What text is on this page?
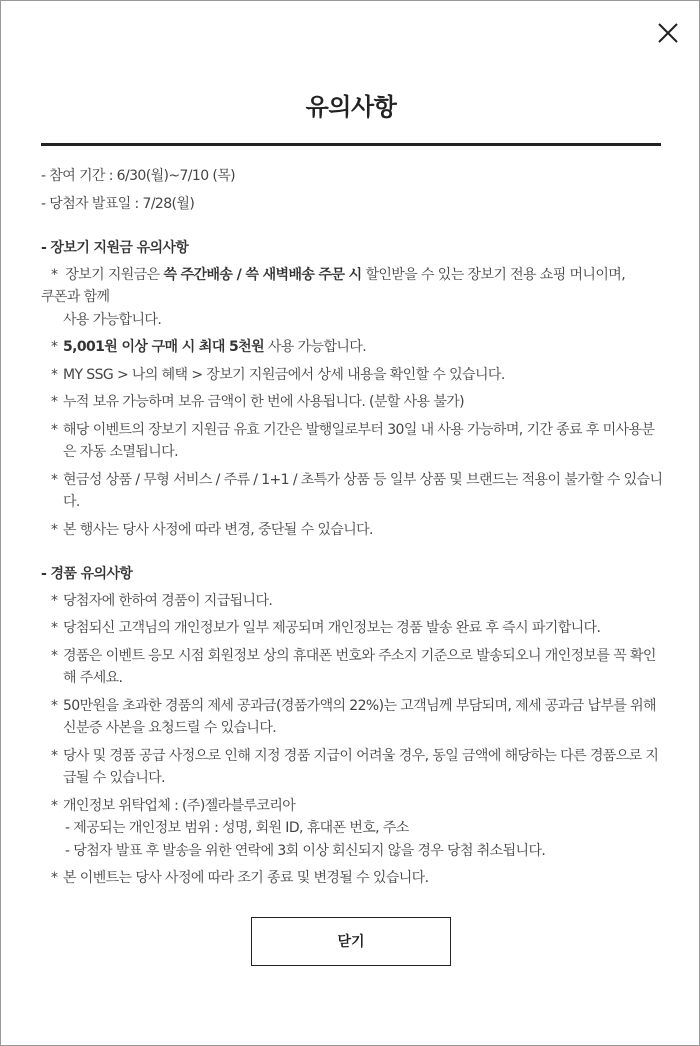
유의사항
- 참여 기간 : 6/30(월)~7/10 (목)
- 당첨자 발표일 : 7/28(월)
- 장보기 지원금 유의사항
* 장보기 지원금은 쓱 주간배송 / 쓱 새벽배송 주문 시 할인받을 수 있는 장보기 전용 쇼핑 머니이며,
쿠폰과 함께
사용 가능합니다.
* 5,001원 이상 구매 시 최대 5천원 사용 가능합니다.
* MY SSG > 나의 혜택 > 장보기 지원금에서 상세 내용을 확인할 수 있습니다.
* 누적 보유 가능하며 보유 금액이 한 번에 사용됩니다. (분할 사용 불가)
* 해당 이벤트의 장보기 지원금 유효 기간은 발행일로부터 30일 내 사용 가능하며, 기간 종료 후 미사용분은 자동 소멸됩니다.
* 현금성 상품 / 무형 서비스 / 주류 / 1+1 / 초특가 상품 등 일부 상품 및 브랜드는 적용이 불가할 수 있습니다.
* 본 행사는 당사 사정에 따라 변경, 중단될 수 있습니다.
- 경품 유의사항
* 당첨자에 한하여 경품이 지급됩니다.
* 당첨되신 고객님의 개인정보가 일부 제공되며 개인정보는 경품 발송 완료 후 즉시 파기합니다.
* 경품은 이벤트 응모 시점 회원정보 상의 휴대폰 번호와 주소지 기준으로 발송되오니 개인정보를 꼭 확인해 주세요.
* 50만원을 초과한 경품의 제세 공과금(경품가액의 22%)는 고객님께 부담되며, 제세 공과금 납부를 위해 신분증 사본을 요청드릴 수 있습니다.
* 당사 및 경품 공급 사정으로 인해 지정 경품 지급이 어려울 경우, 동일 금액에 해당하는 다른 경품으로 지급될 수 있습니다.
* 개인정보 위탁업체 : (주)젤라블루코리아
- 제공되는 개인정보 범위 : 성명, 회원 ID, 휴대폰 번호, 주소
- 당첨자 발표 후 발송을 위한 연락에 3회 이상 회신되지 않을 경우 당첨 취소됩니다.
* 본 이벤트는 당사 사정에 따라 조기 종료 및 변경될 수 있습니다.
닫기
